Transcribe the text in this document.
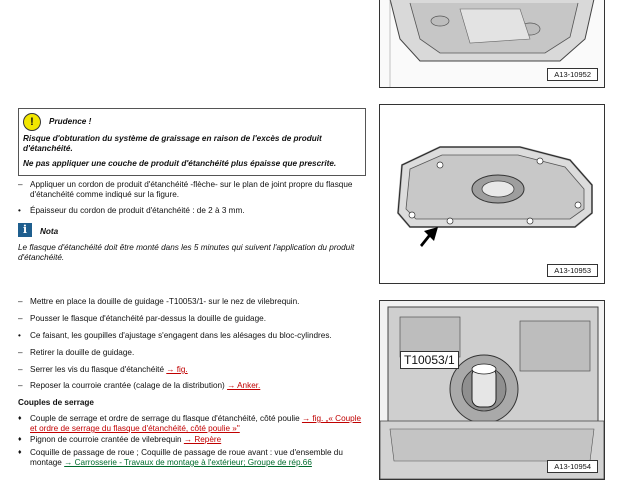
!	Prudence !
Risque d'obturation du système de graissage en raison de l'excès de produit d'étanchéité.
Ne pas appliquer une couche de produit d'étanchéité plus épaisse que prescrite.
– Appliquer un cordon de produit d'étanchéité -flèche- sur le plan de joint propre du flasque d'étanchéité comme indiqué sur la figure.
• Épaisseur du cordon de produit d'étanchéité : de 2 à 3 mm.
i	Nota
Le flasque d'étanchéité doit être monté dans les 5 minutes qui suivent l'application du produit d'étanchéité.
– Mettre en place la douille de guidage -T10053/1- sur le nez de vilebrequin.
– Pousser le flasque d'étanchéité par-dessus la douille de guidage.
• Ce faisant, les goupilles d'ajustage s'engagent dans les alésages du bloc-cylindres.
– Retirer la douille de guidage.
– Serrer les vis du flasque d'étanchéité → fig.
– Reposer la courroie crantée (calage de la distribution) → Anker.
Couples de serrage
♦ Couple de serrage et ordre de serrage du flasque d'étanchéité, côté poulie → fig. „« Couple et ordre de serrage du flasque d'étanchéité, côté poulie »"
♦ Pignon de courroie crantée de vilebrequin → Repère
♦ Coquille de passage de roue ; Coquille de passage de roue avant : vue d'ensemble du montage → Carrosserie - Travaux de montage à l'extérieur; Groupe de rép.66
A13-10952
A13-10953
T10053/1
A13-10954
